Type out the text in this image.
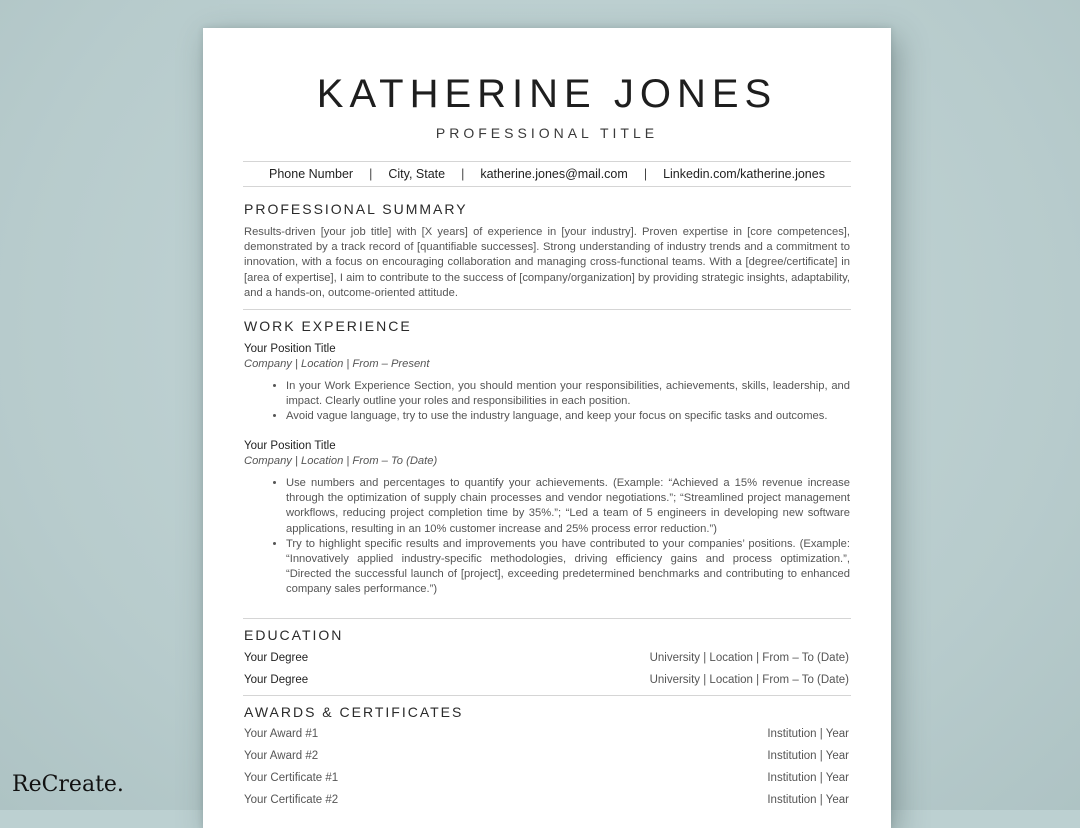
KATHERINE JONES
PROFESSIONAL TITLE
Phone Number | City, State | katherine.jones@mail.com | Linkedin.com/katherine.jones
PROFESSIONAL SUMMARY
Results-driven [your job title] with [X years] of experience in [your industry]. Proven expertise in [core competences], demonstrated by a track record of [quantifiable successes]. Strong understanding of industry trends and a commitment to innovation, with a focus on encouraging collaboration and managing cross-functional teams. With a [degree/certificate] in [area of expertise], I aim to contribute to the success of [company/organization] by providing strategic insights, adaptability, and a hands-on, outcome-oriented attitude.
WORK EXPERIENCE
Your Position Title
Company | Location | From – Present
• In your Work Experience Section, you should mention your responsibilities, achievements, skills, leadership, and impact. Clearly outline your roles and responsibilities in each position.
• Avoid vague language, try to use the industry language, and keep your focus on specific tasks and outcomes.
Your Position Title
Company | Location | From – To (Date)
• Use numbers and percentages to quantify your achievements. (Example: “Achieved a 15% revenue increase through the optimization of supply chain processes and vendor negotiations.”; “Streamlined project management workflows, reducing project completion time by 35%.”; “Led a team of 5 engineers in developing new software applications, resulting in an 10% customer increase and 25% process error reduction.”)
• Try to highlight specific results and improvements you have contributed to your companies’ positions. (Example: “Innovatively applied industry-specific methodologies, driving efficiency gains and process optimization.”, “Directed the successful launch of [project], exceeding predetermined benchmarks and contributing to enhanced company sales performance.”)
EDUCATION
Your Degree	University | Location | From – To (Date)
Your Degree	University | Location | From – To (Date)
AWARDS & CERTIFICATES
Your Award #1	Institution | Year
Your Award #2	Institution | Year
Your Certificate #1	Institution | Year
Your Certificate #2	Institution | Year
ReCreate.
